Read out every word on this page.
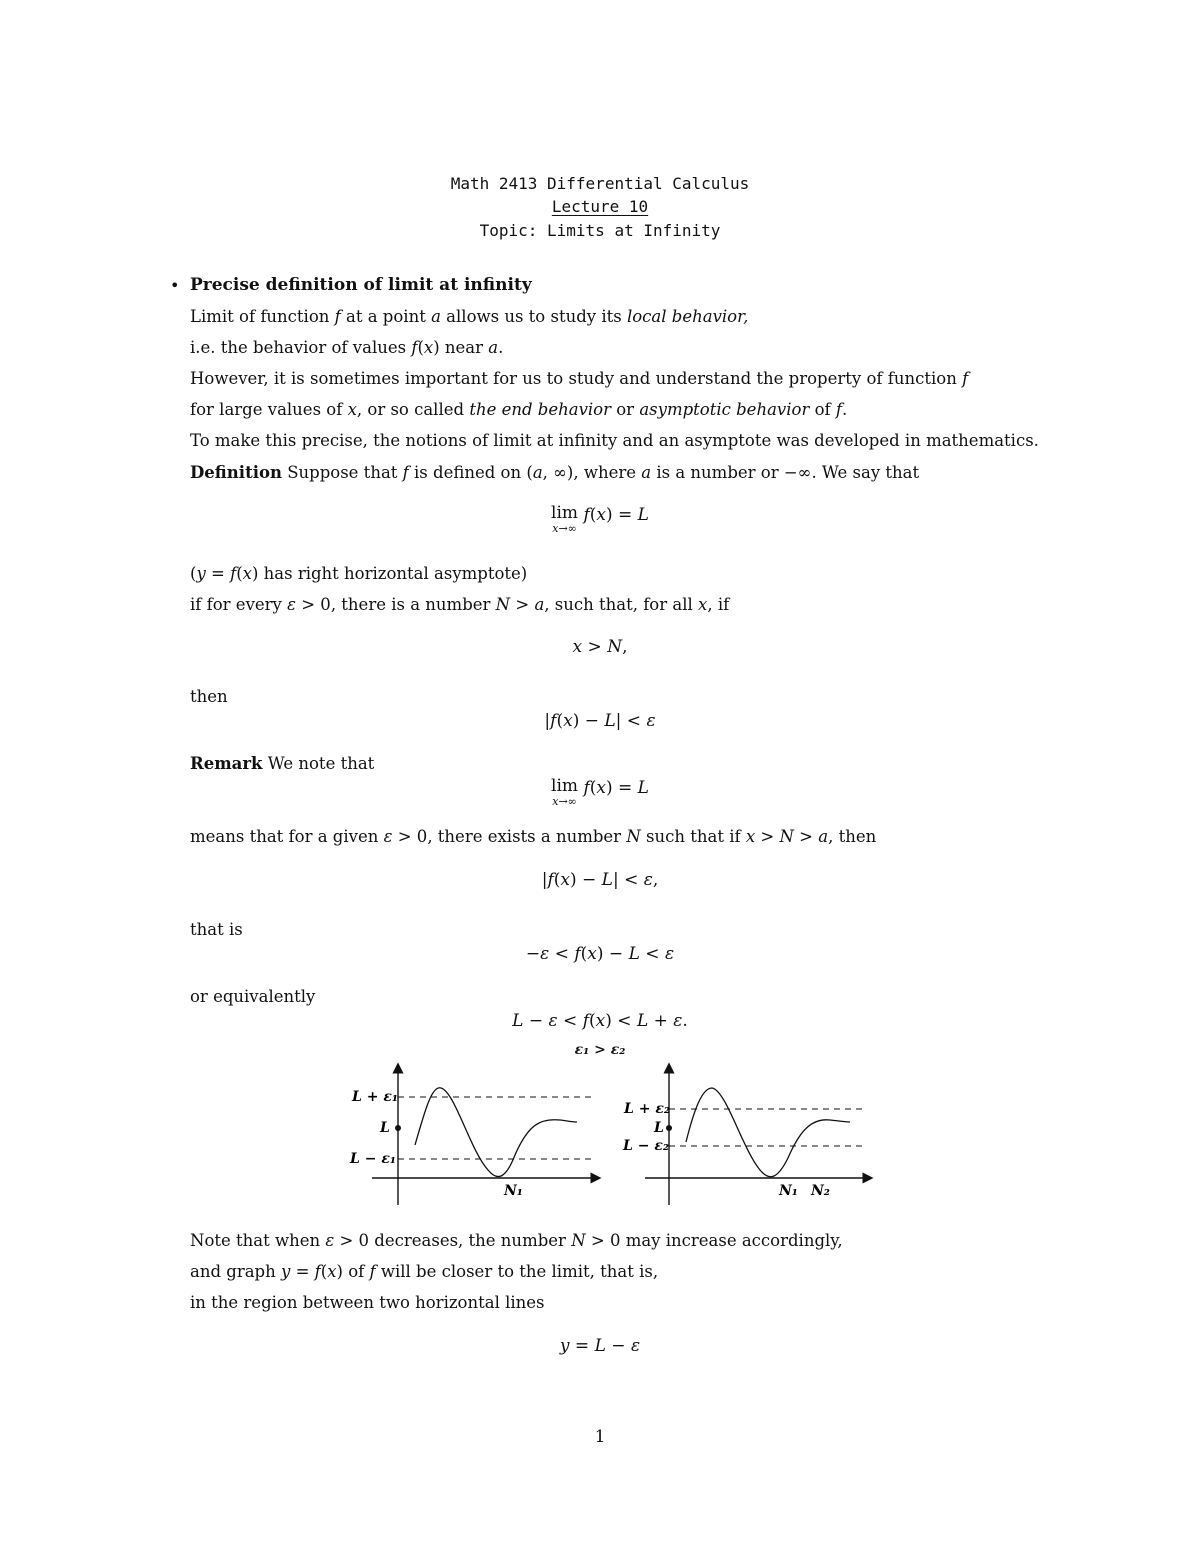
Math 2413 Differential Calculus
Lecture 10
Topic: Limits at Infinity
• Precise definition of limit at infinity
Limit of function f at a point a allows us to study its local behavior,
i.e. the behavior of values f(x) near a.
However, it is sometimes important for us to study and understand the property of function f
for large values of x, or so called the end behavior or asymptotic behavior of f.
To make this precise, the notions of limit at infinity and an asymptote was developed in mathematics.
Definition Suppose that f is defined on (a, ∞), where a is a number or −∞. We say that
lim
x→∞
f(x) = L
(y = f(x) has right horizontal asymptote)
if for every ε > 0, there is a number N > a, such that, for all x, if
x > N,
then
|f(x) − L| < ε
Remark We note that
lim
x→∞
f(x) = L
means that for a given ε > 0, there exists a number N such that if x > N > a, then
|f(x) − L| < ε,
that is
−ε < f(x) − L < ε
or equivalently
L − ε < f(x) < L + ε.
ε₁ > ε₂
L + ε₁
L
L − ε₁
N₁
L + ε₂
L
L − ε₂
N₁ N₂
Note that when ε > 0 decreases, the number N > 0 may increase accordingly,
and graph y = f(x) of f will be closer to the limit, that is,
in the region between two horizontal lines
y = L − ε
1
